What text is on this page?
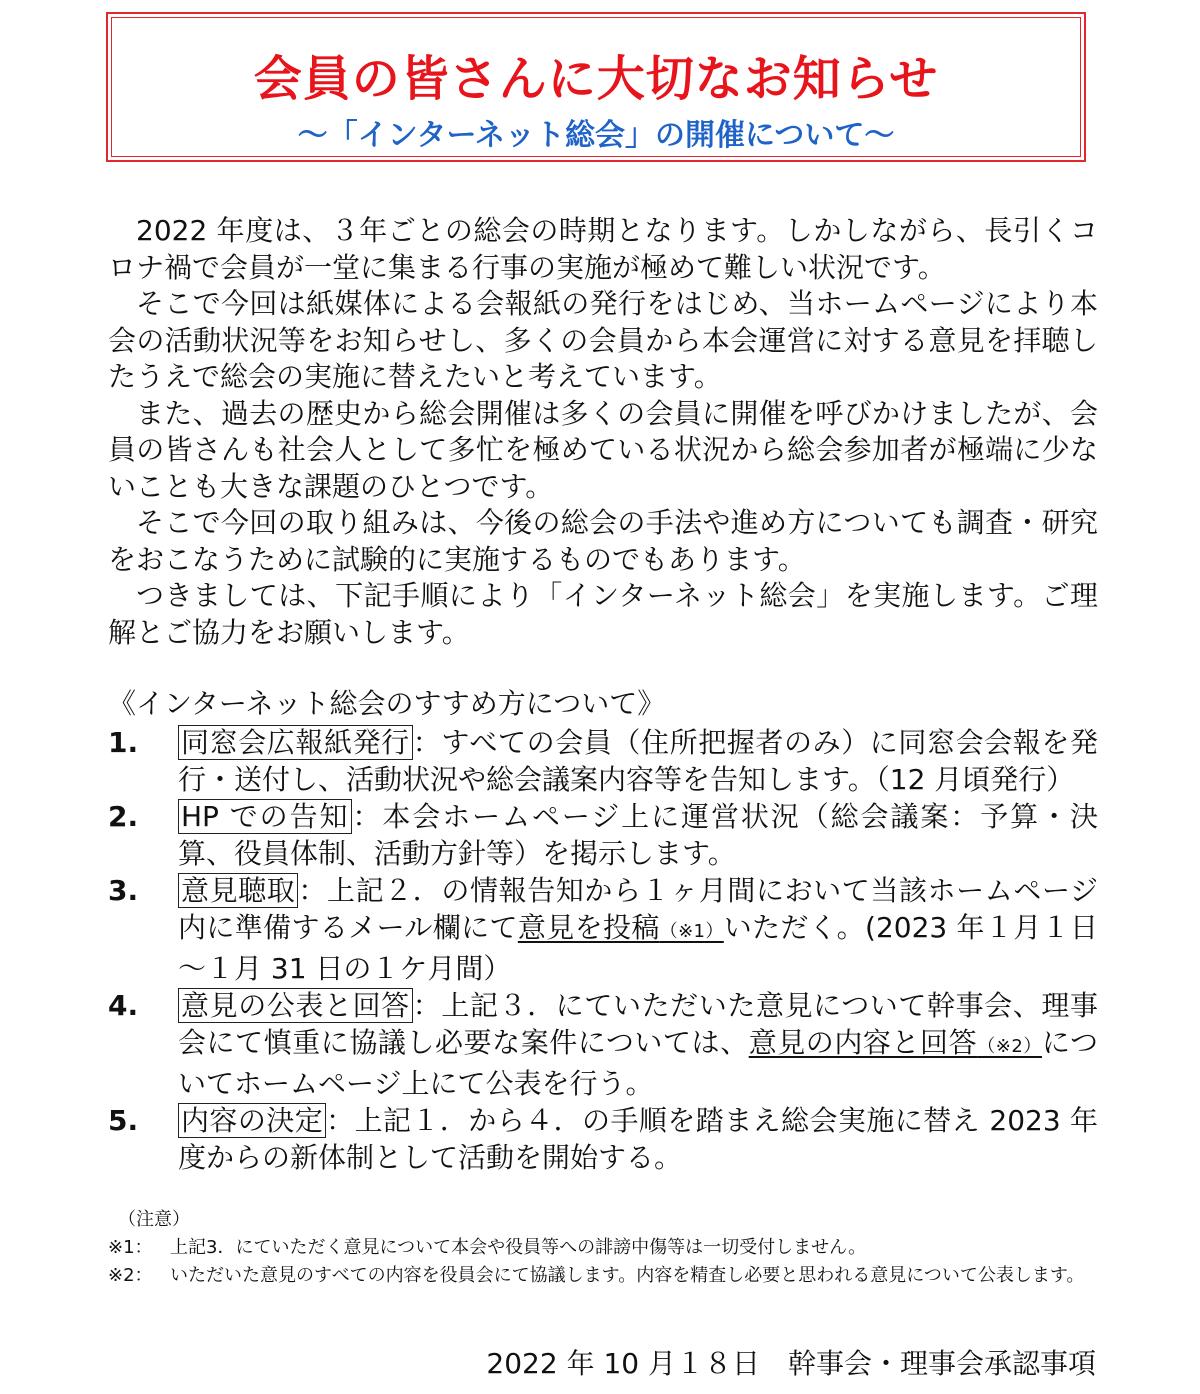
会員の皆さんに大切なお知らせ
～「インターネット総会」の開催について～

2022 年度は、３年ごとの総会の時期となります。しかしながら、長引くコロナ禍で会員が一堂に集まる行事の実施が極めて難しい状況です。

そこで今回は紙媒体による会報紙の発行をはじめ、当ホームページにより本会の活動状況等をお知らせし、多くの会員から本会運営に対する意見を拝聴したうえで総会の実施に替えたいと考えています。

また、過去の歴史から総会開催は多くの会員に開催を呼びかけましたが、会員の皆さんも社会人として多忙を極めている状況から総会参加者が極端に少ないことも大きな課題のひとつです。

そこで今回の取り組みは、今後の総会の手法や進め方についても調査・研究をおこなうために試験的に実施するものでもあります。

つきましては、下記手順により「インターネット総会」を実施します。ご理解とご協力をお願いします。

《インターネット総会のすすめ方について》
1.	同窓会広報紙発行 ：すべての会員（住所把握者のみ）に同窓会会報を発行・送付し、活動状況や総会議案内容等を告知します。（12 月頃発行）
2.	HP での告知 ：本会ホームページ上に運営状況（総会議案：予算・決算、役員体制、活動方針等）を掲示します。
3.	意見聴取 ：上記２．の情報告知から１ヶ月間において当該ホームページ内に準備するメール欄にて意見を投稿（※1）いただく。(2023 年１月１日～１月 31 日の１ケ月間）
4.	意見の公表と回答 ：上記３．にていただいた意見について幹事会、理事会にて慎重に協議し必要な案件については、意見の内容と回答（※2）についてホームページ上にて公表を行う。
5.	内容の決定 ：上記１．から４．の手順を踏まえ総会実施に替え 2023 年度からの新体制として活動を開始する。
（注意）
※1： 上記3．にていただく意見について本会や役員等への誹謗中傷等は一切受付しません。
※2： いただいた意見のすべての内容を役員会にて協議します。内容を精査し必要と思われる意見について公表します。
2022 年 10 月１８日　幹事会・理事会承認事項
